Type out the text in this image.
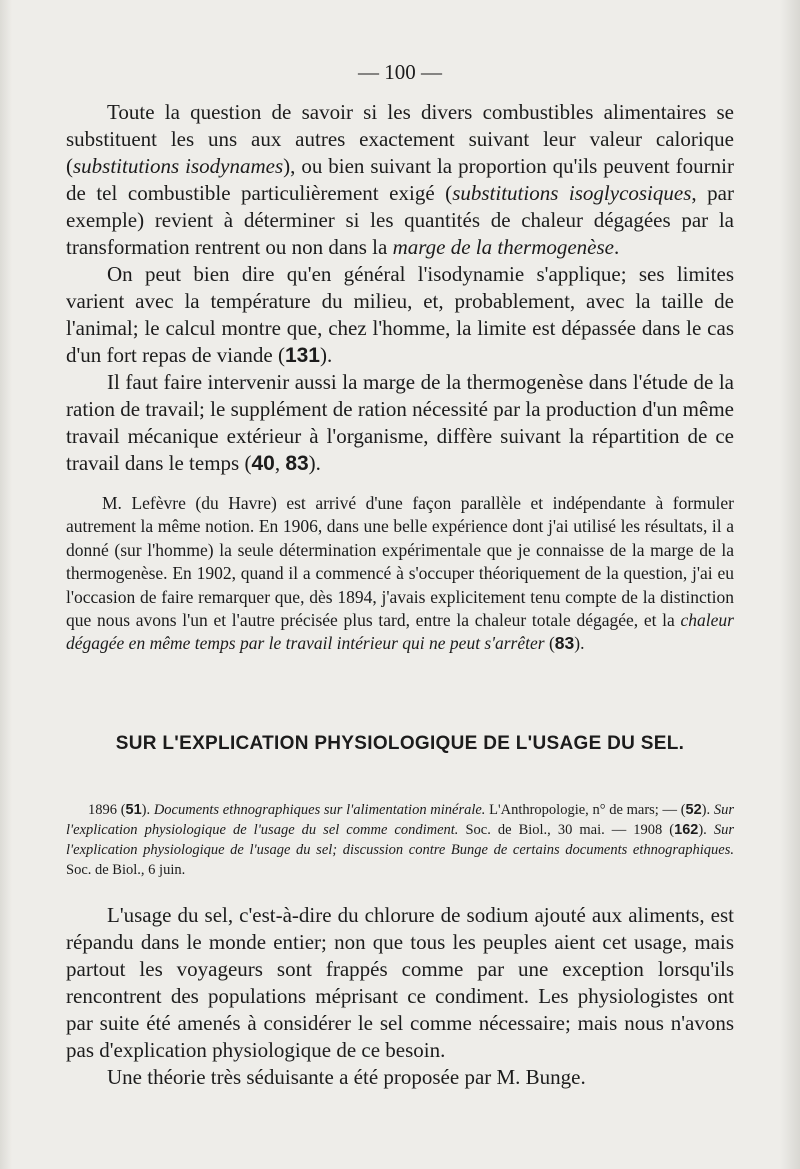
— 100 —

Toute la question de savoir si les divers combustibles alimentaires se substituent les uns aux autres exactement suivant leur valeur calorique (substitutions isodynames), ou bien suivant la proportion qu'ils peuvent fournir de tel combustible particulièrement exigé (substitutions isoglycosiques, par exemple) revient à déterminer si les quantités de chaleur dégagées par la transformation rentrent ou non dans la marge de la thermogenèse.

On peut bien dire qu'en général l'isodynamie s'applique; ses limites varient avec la température du milieu, et, probablement, avec la taille de l'animal; le calcul montre que, chez l'homme, la limite est dépassée dans le cas d'un fort repas de viande (131).

Il faut faire intervenir aussi la marge de la thermogenèse dans l'étude de la ration de travail; le supplément de ration nécessité par la production d'un même travail mécanique extérieur à l'organisme, diffère suivant la répartition de ce travail dans le temps (40, 83).

M. Lefèvre (du Havre) est arrivé d'une façon parallèle et indépendante à formuler autrement la même notion. En 1906, dans une belle expérience dont j'ai utilisé les résultats, il a donné (sur l'homme) la seule détermination expérimentale que je connaisse de la marge de la thermogenèse. En 1902, quand il a commencé à s'occuper théoriquement de la question, j'ai eu l'occasion de faire remarquer que, dès 1894, j'avais explicitement tenu compte de la distinction que nous avons l'un et l'autre précisée plus tard, entre la chaleur totale dégagée, et la chaleur dégagée en même temps par le travail intérieur qui ne peut s'arrêter (83).

SUR L'EXPLICATION PHYSIOLOGIQUE DE L'USAGE DU SEL.

1896 (51). Documents ethnographiques sur l'alimentation minérale. L'Anthropologie, n° de mars; — (52). Sur l'explication physiologique de l'usage du sel comme condiment. Soc. de Biol., 30 mai. — 1908 (162). Sur l'explication physiologique de l'usage du sel; discussion contre Bunge de certains documents ethnographiques. Soc. de Biol., 6 juin.

L'usage du sel, c'est-à-dire du chlorure de sodium ajouté aux aliments, est répandu dans le monde entier; non que tous les peuples aient cet usage, mais partout les voyageurs sont frappés comme par une exception lorsqu'ils rencontrent des populations méprisant ce condiment. Les physiologistes ont par suite été amenés à considérer le sel comme nécessaire; mais nous n'avons pas d'explication physiologique de ce besoin.

Une théorie très séduisante a été proposée par M. Bunge.
